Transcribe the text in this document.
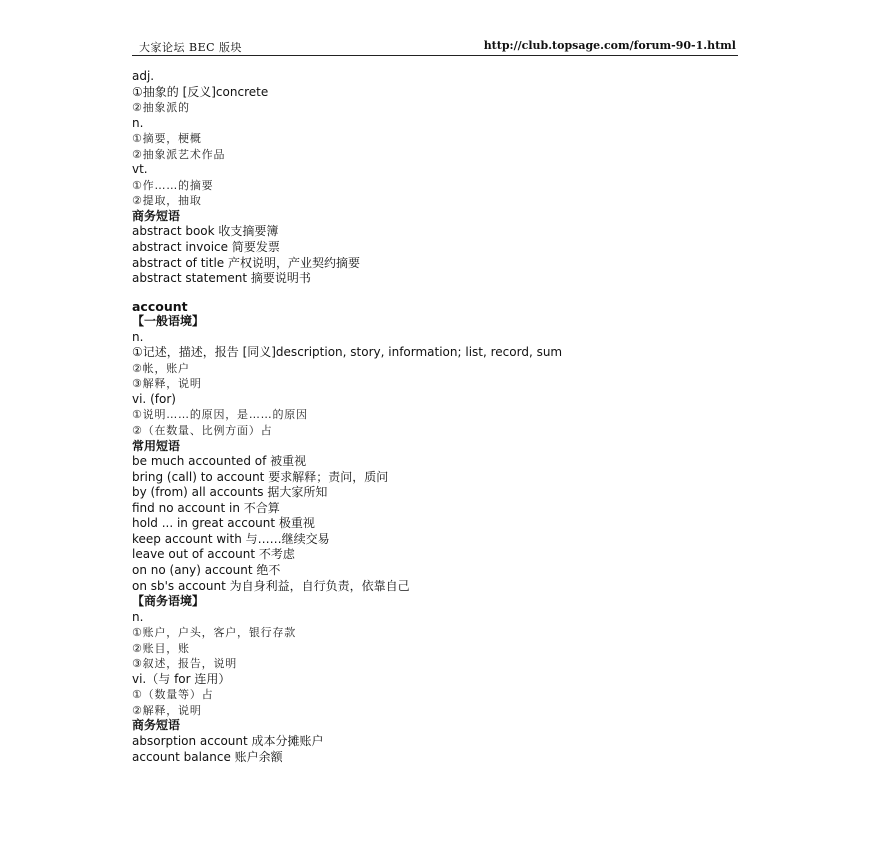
大家论坛 BEC 版块	http://club.topsage.com/forum-90-1.html
adj.
①抽象的 [反义]concrete
②抽象派的
n.
①摘要，梗概
②抽象派艺术作品
vt.
①作……的摘要
②提取，抽取
商务短语
abstract book 收支摘要簿
abstract invoice 简要发票
abstract of title 产权说明，产业契约摘要
abstract statement 摘要说明书
account
【一般语境】
n.
①记述，描述，报告 [同义]description, story, information; list, record, sum
②帐，账户
③解释，说明
vi. (for)
①说明……的原因，是……的原因
②（在数量、比例方面）占
常用短语
be much accounted of 被重视
bring (call) to account 要求解释；责问，质问
by (from) all accounts 据大家所知
find no account in 不合算
hold ... in great account 极重视
keep account with 与……继续交易
leave out of account 不考虑
on no (any) account 绝不
on sb's account 为自身利益，自行负责，依靠自己
【商务语境】
n.
①账户，户头，客户，银行存款
②账目，账
③叙述，报告，说明
vi.（与 for 连用）
①（数量等）占
②解释，说明
商务短语
absorption account 成本分摊账户
account balance 账户余额
